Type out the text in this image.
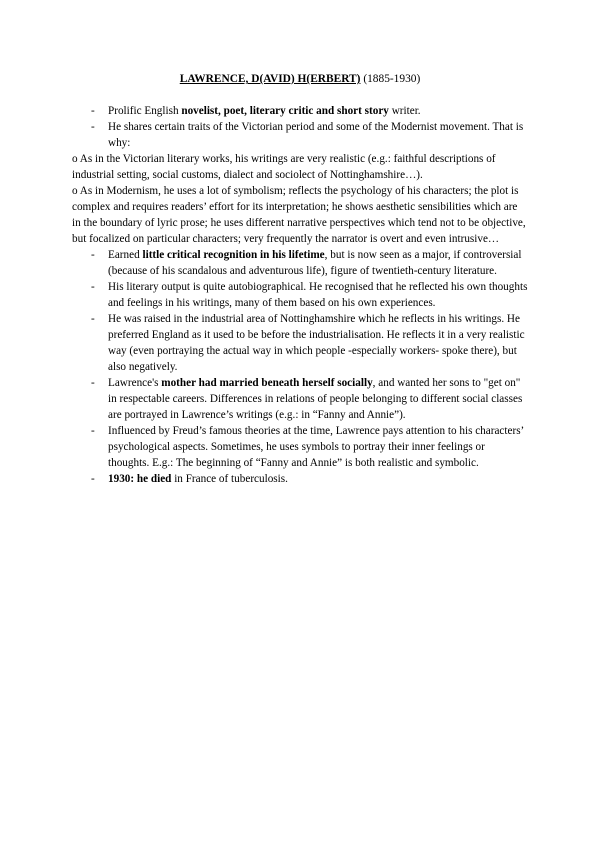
LAWRENCE, D(AVID) H(ERBERT) (1885-1930)
- Prolific English novelist, poet, literary critic and short story writer.
- He shares certain traits of the Victorian period and some of the Modernist movement. That is why:
o As in the Victorian literary works, his writings are very realistic (e.g.: faithful descriptions of industrial setting, social customs, dialect and sociolect of Nottinghamshire…).
o As in Modernism, he uses a lot of symbolism; reflects the psychology of his characters; the plot is complex and requires readers’ effort for its interpretation; he shows aesthetic sensibilities which are in the boundary of lyric prose; he uses different narrative perspectives which tend not to be objective, but focalized on particular characters; very frequently the narrator is overt and even intrusive…
- Earned little critical recognition in his lifetime, but is now seen as a major, if controversial (because of his scandalous and adventurous life), figure of twentieth-century literature.
- His literary output is quite autobiographical. He recognised that he reflected his own thoughts and feelings in his writings, many of them based on his own experiences.
- He was raised in the industrial area of Nottinghamshire which he reflects in his writings. He preferred England as it used to be before the industrialisation. He reflects it in a very realistic way (even portraying the actual way in which people -especially workers- spoke there), but also negatively.
- Lawrence's mother had married beneath herself socially, and wanted her sons to "get on" in respectable careers. Differences in relations of people belonging to different social classes are portrayed in Lawrence’s writings (e.g.: in “Fanny and Annie”).
- Influenced by Freud’s famous theories at the time, Lawrence pays attention to his characters’ psychological aspects. Sometimes, he uses symbols to portray their inner feelings or thoughts. E.g.: The beginning of “Fanny and Annie” is both realistic and symbolic.
- 1930: he died in France of tuberculosis.
